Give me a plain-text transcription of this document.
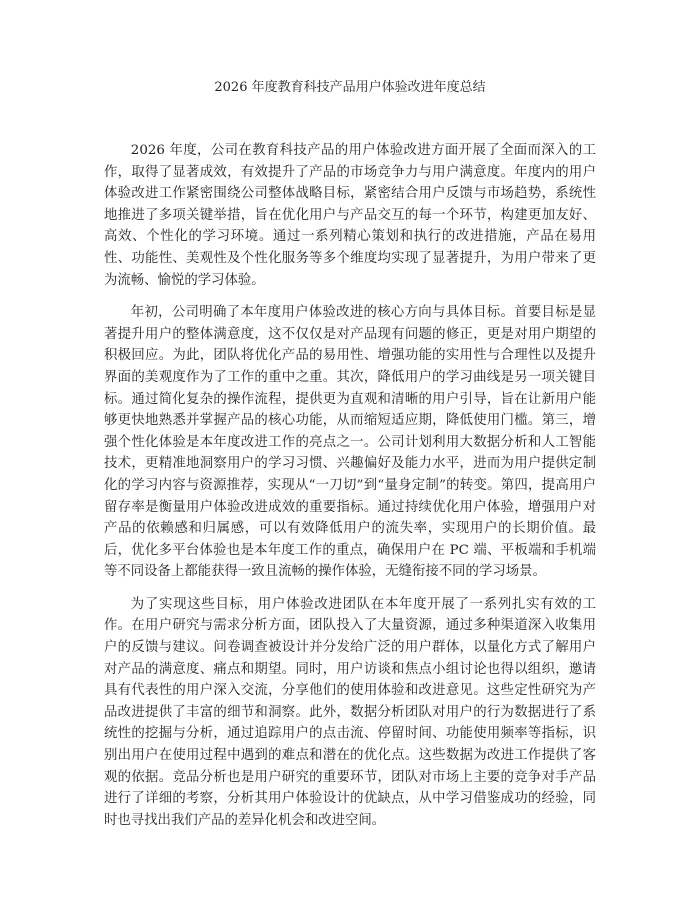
2026 年度教育科技产品用户体验改进年度总结

2026 年度，公司在教育科技产品的用户体验改进方面开展了全面而深入的工作，取得了显著成效，有效提升了产品的市场竞争力与用户满意度。年度内的用户体验改进工作紧密围绕公司整体战略目标，紧密结合用户反馈与市场趋势，系统性地推进了多项关键举措，旨在优化用户与产品交互的每一个环节，构建更加友好、高效、个性化的学习环境。通过一系列精心策划和执行的改进措施，产品在易用性、功能性、美观性及个性化服务等多个维度均实现了显著提升，为用户带来了更为流畅、愉悦的学习体验。

年初，公司明确了本年度用户体验改进的核心方向与具体目标。首要目标是显著提升用户的整体满意度，这不仅仅是对产品现有问题的修正，更是对用户期望的积极回应。为此，团队将优化产品的易用性、增强功能的实用性与合理性以及提升界面的美观度作为了工作的重中之重。其次，降低用户的学习曲线是另一项关键目标。通过简化复杂的操作流程，提供更为直观和清晰的用户引导，旨在让新用户能够更快地熟悉并掌握产品的核心功能，从而缩短适应期，降低使用门槛。第三，增强个性化体验是本年度改进工作的亮点之一。公司计划利用大数据分析和人工智能技术，更精准地洞察用户的学习习惯、兴趣偏好及能力水平，进而为用户提供定制化的学习内容与资源推荐，实现从“一刀切”到“量身定制”的转变。第四，提高用户留存率是衡量用户体验改进成效的重要指标。通过持续优化用户体验，增强用户对产品的依赖感和归属感，可以有效降低用户的流失率，实现用户的长期价值。最后，优化多平台体验也是本年度工作的重点，确保用户在 PC 端、平板端和手机端等不同设备上都能获得一致且流畅的操作体验，无缝衔接不同的学习场景。

为了实现这些目标，用户体验改进团队在本年度开展了一系列扎实有效的工作。在用户研究与需求分析方面，团队投入了大量资源，通过多种渠道深入收集用户的反馈与建议。问卷调查被设计并分发给广泛的用户群体，以量化方式了解用户对产品的满意度、痛点和期望。同时，用户访谈和焦点小组讨论也得以组织，邀请具有代表性的用户深入交流，分享他们的使用体验和改进意见。这些定性研究为产品改进提供了丰富的细节和洞察。此外，数据分析团队对用户的行为数据进行了系统性的挖掘与分析，通过追踪用户的点击流、停留时间、功能使用频率等指标，识别出用户在使用过程中遇到的难点和潜在的优化点。这些数据为改进工作提供了客观的依据。竞品分析也是用户研究的重要环节，团队对市场上主要的竞争对手产品进行了详细的考察，分析其用户体验设计的优缺点，从中学习借鉴成功的经验，同时也寻找出我们产品的差异化机会和改进空间。
